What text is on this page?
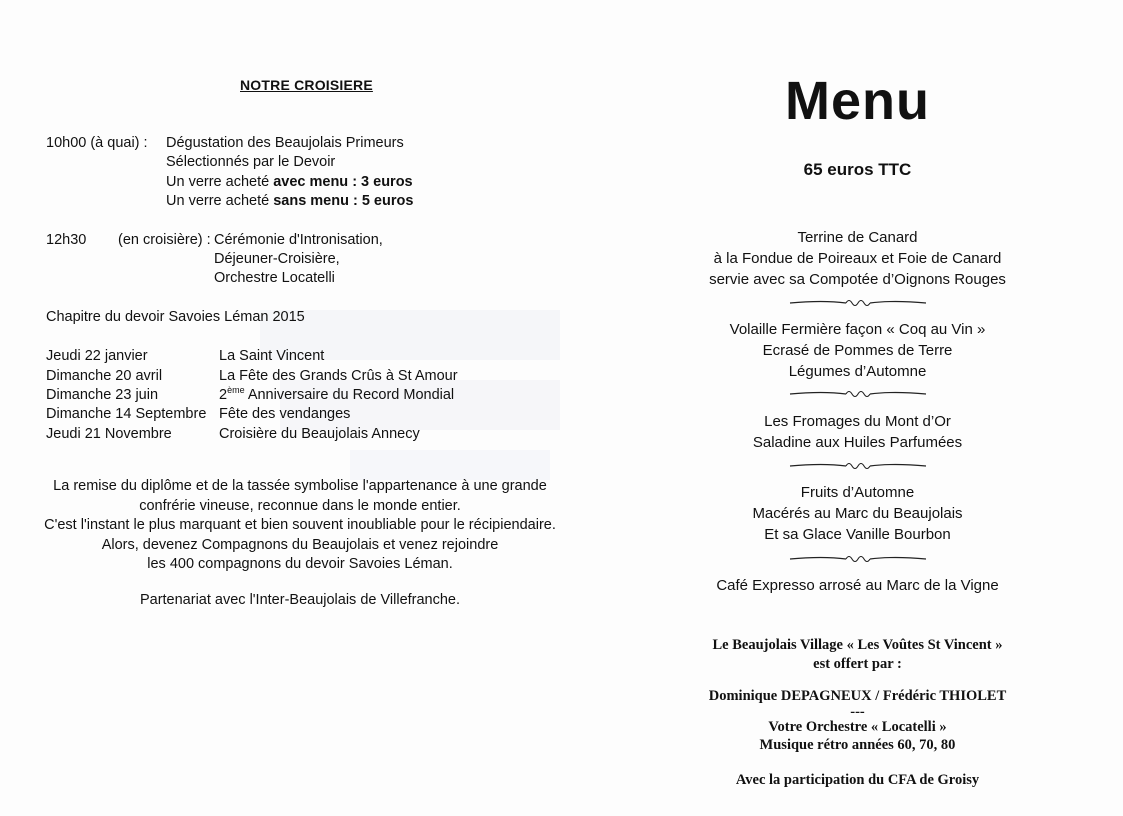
NOTRE CROISIERE
10h00 (à quai) : Dégustation des Beaujolais Primeurs
Sélectionnés par le Devoir
Un verre acheté avec menu : 3 euros
Un verre acheté sans menu : 5 euros
12h30 (en croisière) : Cérémonie d'Intronisation,
Déjeuner-Croisière,
Orchestre Locatelli
Chapitre du devoir Savoies Léman 2015
Jeudi 22 janvier	La Saint Vincent
Dimanche 20 avril	La Fête des Grands Crûs à St Amour
Dimanche 23 juin	2ème Anniversaire du Record Mondial
Dimanche 14 Septembre Fête des vendanges
Jeudi 21 Novembre	Croisière du Beaujolais Annecy
La remise du diplôme et de la tassée symbolise l'appartenance à une grande
confrérie vineuse, reconnue dans le monde entier.
C'est l'instant le plus marquant et bien souvent inoubliable pour le récipiendaire.
Alors, devenez Compagnons du Beaujolais et venez rejoindre
les 400 compagnons du devoir Savoies Léman.
Partenariat avec l'Inter-Beaujolais de Villefranche.
Menu
65 euros TTC
Terrine de Canard
à la Fondue de Poireaux et Foie de Canard
servie avec sa Compotée d’Oignons Rouges
Volaille Fermière façon « Coq au Vin »
Ecrasé de Pommes de Terre
Légumes d’Automne
Les Fromages du Mont d’Or
Saladine aux Huiles Parfumées
Fruits d’Automne
Macérés au Marc du Beaujolais
Et sa Glace Vanille Bourbon
Café Expresso arrosé au Marc de la Vigne
Le Beaujolais Village « Les Voûtes St Vincent »
est offert par :
Dominique DEPAGNEUX / Frédéric THIOLET
---
Votre Orchestre « Locatelli »
Musique rétro années 60, 70, 80
Avec la participation du CFA de Groisy
